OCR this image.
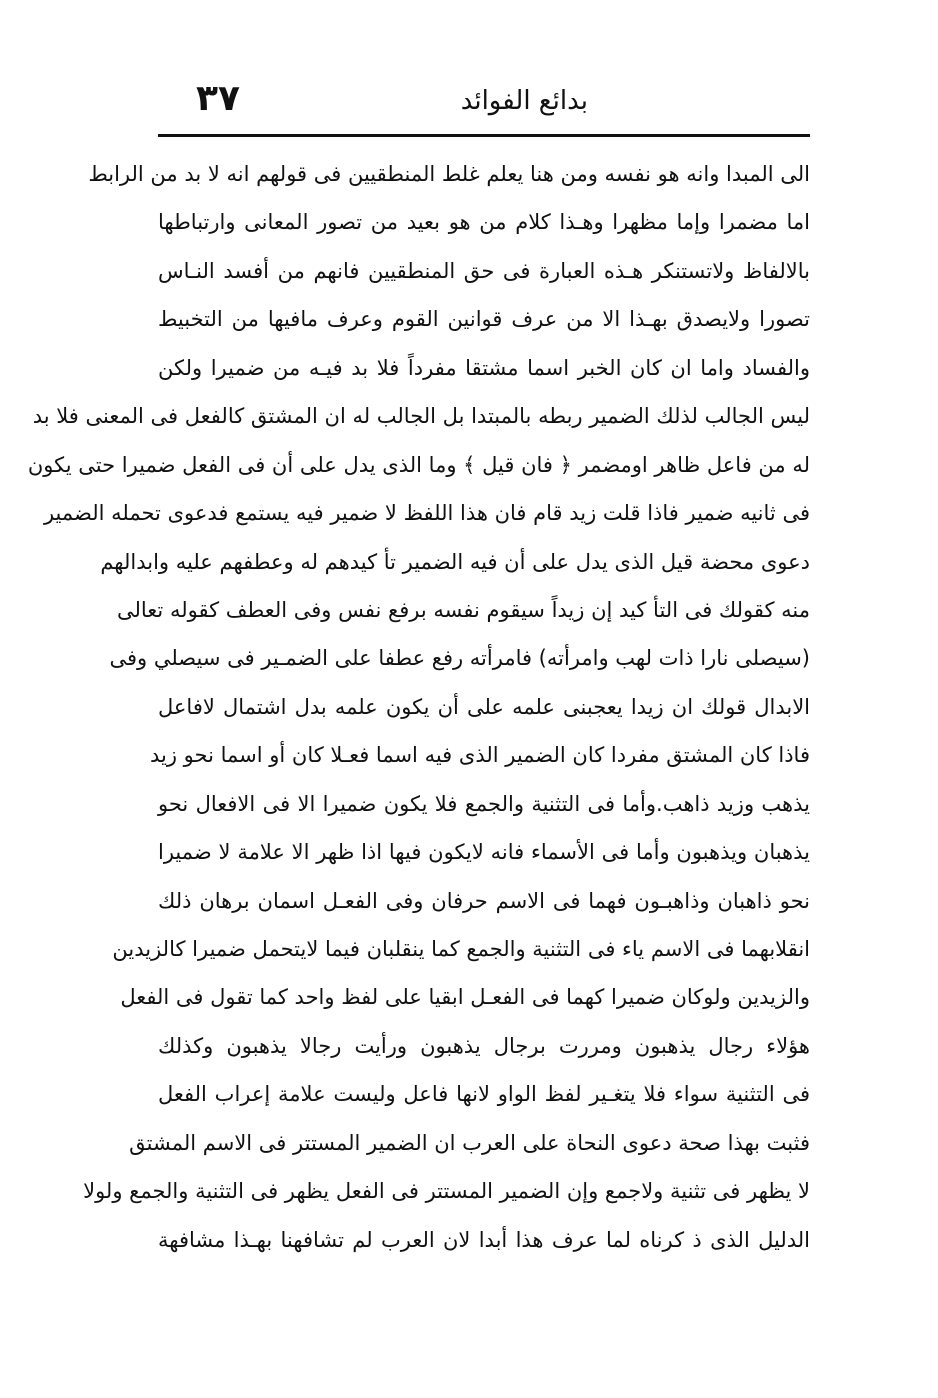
بدائع الفوائد
٣٧
الى المبدا وانه هو نفسه ومن هنا يعلم غلط المنطقيين فى قولهم انه لا بد من الرابط
اما مضمرا وإما مظهرا وهـذا كلام من هو بعيد من تصور المعانى وارتباطها
بالالفاظ ولاتستنكر هـذه العبارة فى حق المنطقيين فانهم من أفسد النـاس
تصورا ولايصدق بهـذا الا من عرف قوانين القوم وعرف مافيها من التخبيط
والفساد واما ان كان الخبر اسما مشتقا مفرداً فلا بد فيـه من ضميرا ولكن
ليس الجالب لذلك الضمير ربطه بالمبتدا بل الجالب له ان المشتق كالفعل فى المعنى فلا بد
له من فاعل ظاهر اومضمر ﴿ فان قيل ﴾ وما الذى يدل على أن فى الفعل ضميرا حتى يكون
فى ثانيه ضمير فاذا قلت زيد قام فان هذا اللفظ لا ضمير فيه يستمع فدعوى تحمله الضمير
دعوى محضة قيل الذى يدل على أن فيه الضمير تأ كيدهم له وعطفهم عليه وابدالهم
منه كقولك فى التأ كيد إن زيداً سيقوم نفسه برفع نفس وفى العطف كقوله تعالى
(سيصلى نارا ذات لهب وامرأته) فامرأته رفع عطفا على الضمـير فى سيصلي وفى
الابدال قولك ان زيدا يعجبنى علمه على أن يكون علمه بدل اشتمال لافاعل
فاذا كان المشتق مفردا كان الضمير الذى فيه اسما فعـلا كان أو اسما نحو زيد
يذهب وزيد ذاهب.وأما فى التثنية والجمع فلا يكون ضميرا الا فى الافعال نحو
يذهبان ويذهبون وأما فى الأسماء فانه لايكون فيها اذا ظهر الا علامة لا ضميرا
نحو ذاهبان وذاهبـون فهما فى الاسم حرفان وفى الفعـل اسمان برهان ذلك
انقلابهما فى الاسم ياء فى التثنية والجمع كما ينقلبان فيما لايتحمل ضميرا كالزيدين
والزيدين ولوكان ضميرا كهما فى الفعـل ابقيا على لفظ واحد كما تقول فى الفعل
هؤلاء رجال يذهبون ومررت برجال يذهبون ورأيت رجالا يذهبون وكذلك
فى التثنية سواء فلا يتغـير لفظ الواو لانها فاعل وليست علامة إعراب الفعل
فثبت بهذا صحة دعوى النحاة على العرب ان الضمير المستتر فى الاسم المشتق
لا يظهر فى تثنية ولاجمع وإن الضمير المستتر فى الفعل يظهر فى التثنية والجمع ولولا
الدليل الذى ذ كرناه لما عرف هذا أبدا لان العرب لم تشافهنا بهـذا مشافهة
